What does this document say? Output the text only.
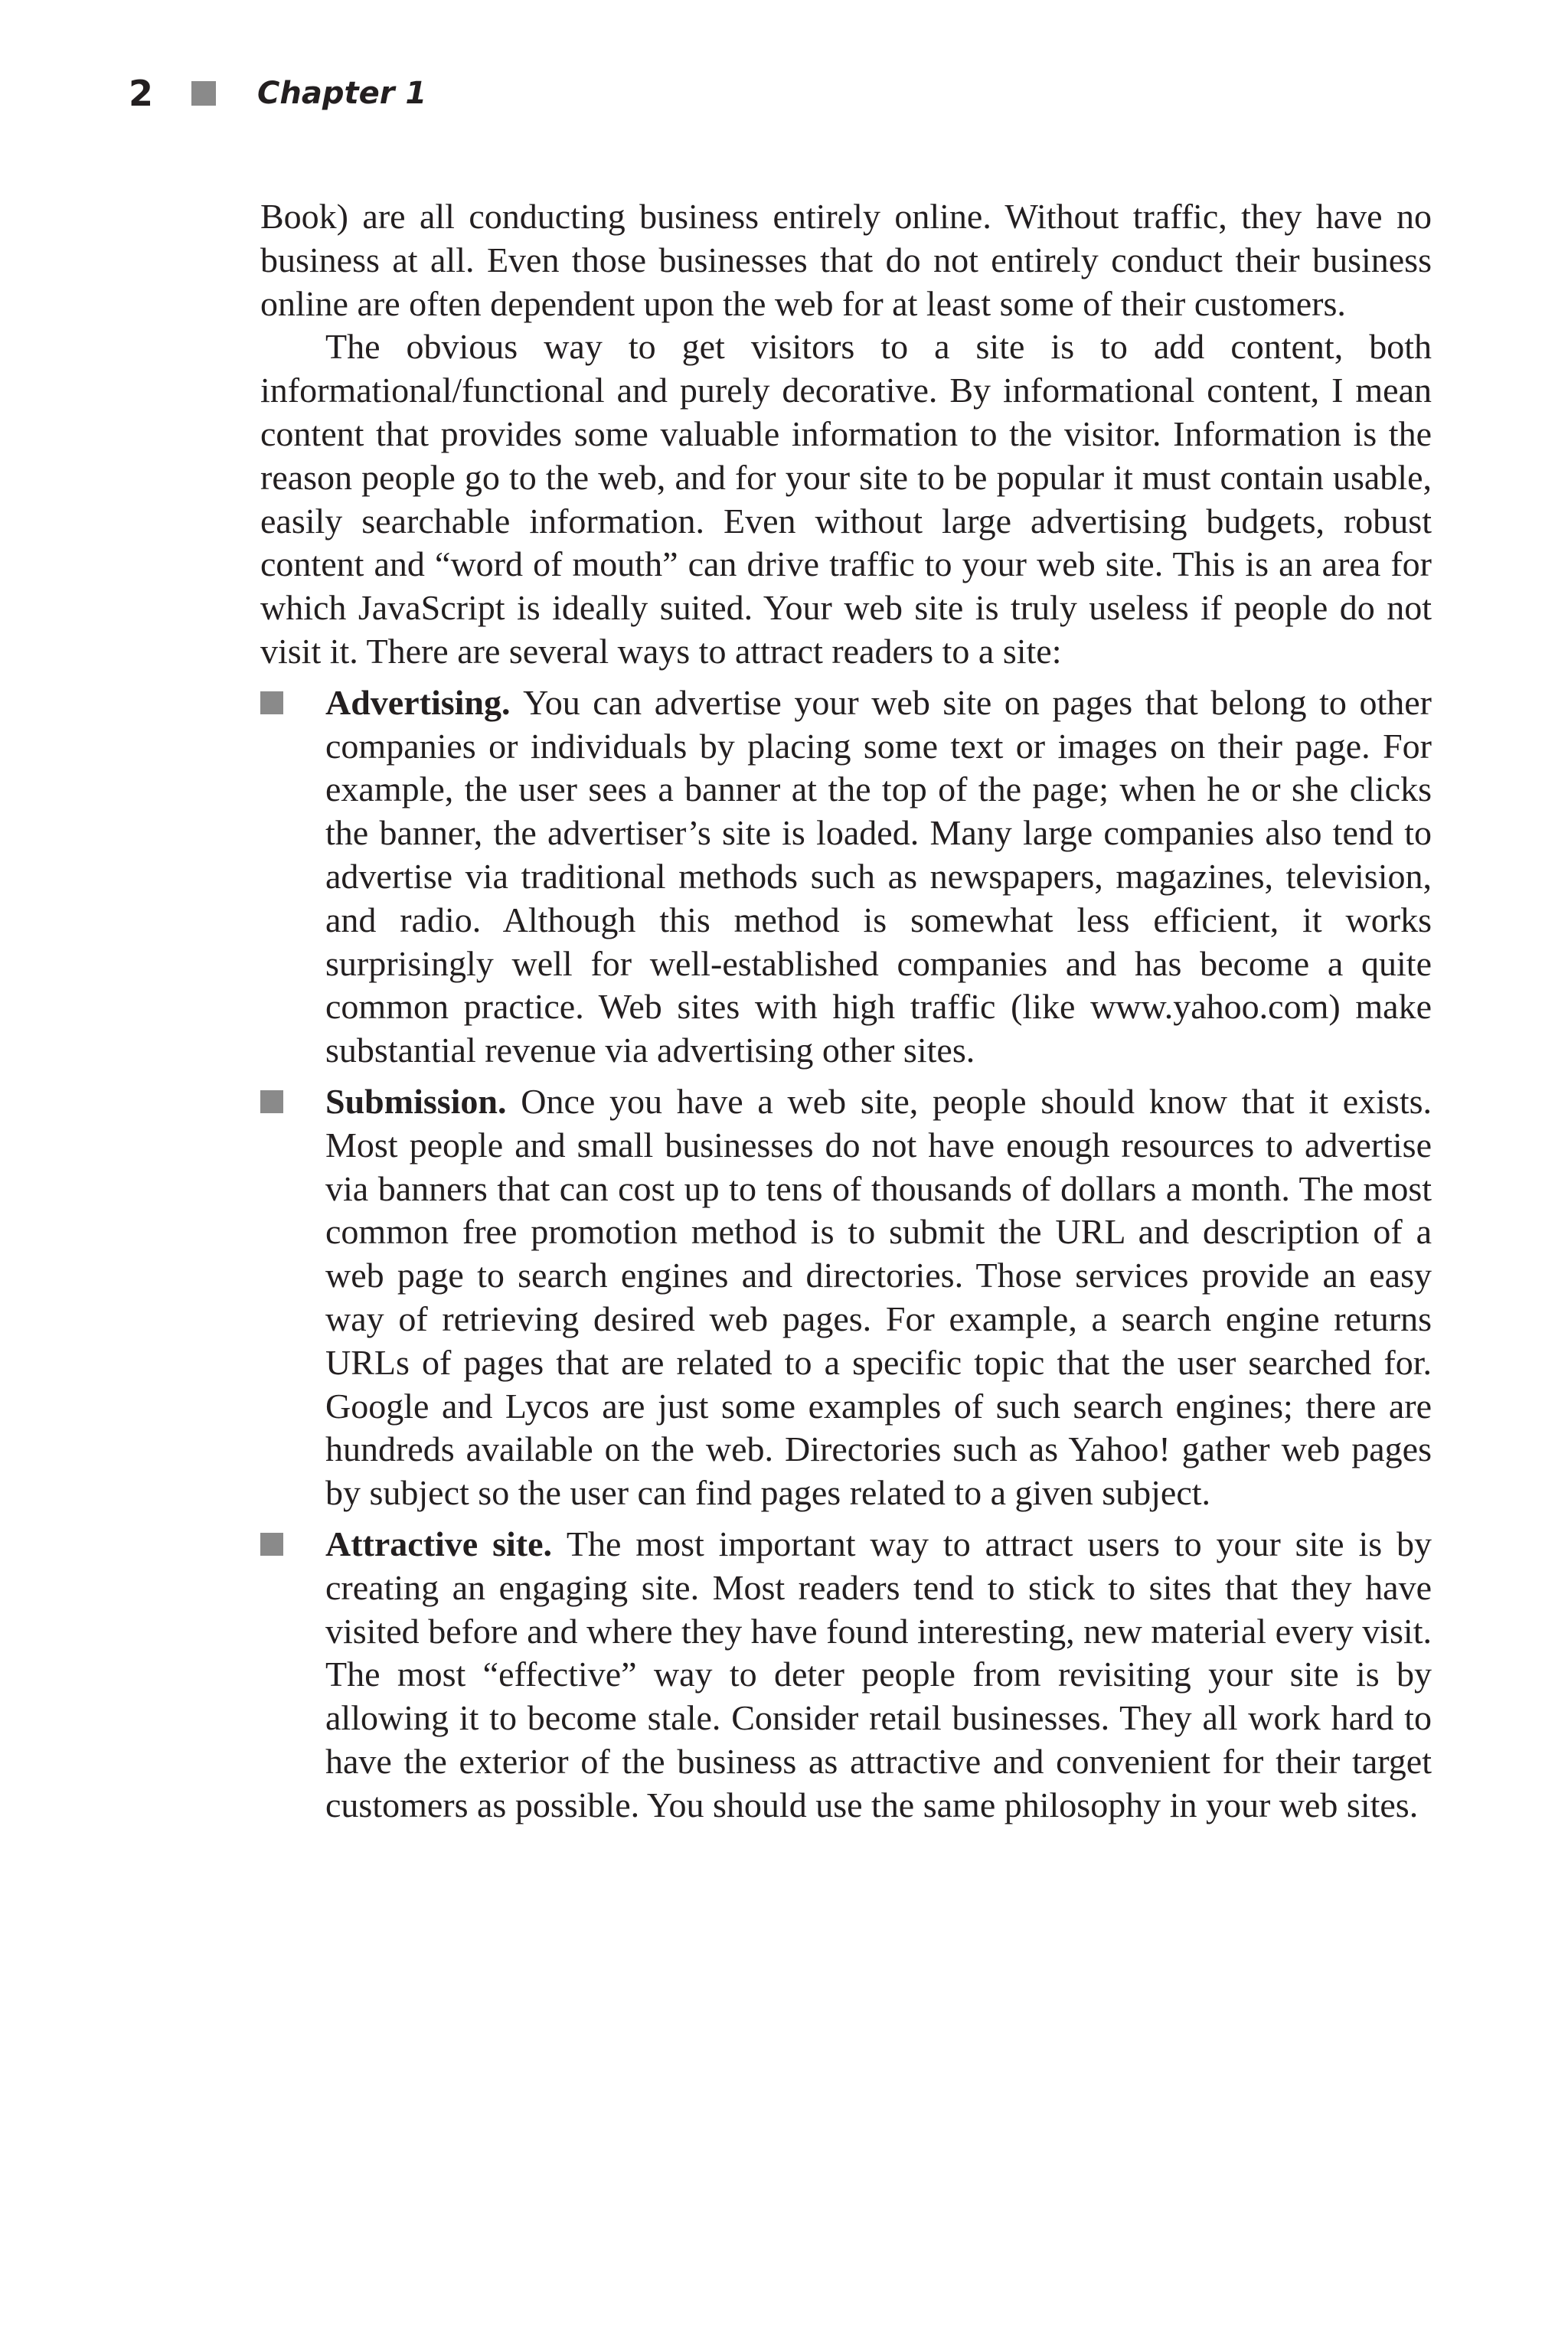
2	Chapter 1

Book) are all conducting business entirely online. Without traffic, they have no business at all. Even those businesses that do not entirely conduct their business online are often dependent upon the web for at least some of their customers.

The obvious way to get visitors to a site is to add content, both informational/functional and purely decorative. By informational content, I mean content that provides some valuable information to the visitor. Information is the reason people go to the web, and for your site to be popular it must contain usable, easily searchable information. Even without large advertising budgets, robust content and “word of mouth” can drive traffic to your web site. This is an area for which JavaScript is ideally suited. Your web site is truly useless if people do not visit it. There are several ways to attract readers to a site:

Advertising. You can advertise your web site on pages that belong to other companies or individuals by placing some text or images on their page. For example, the user sees a banner at the top of the page; when he or she clicks the banner, the advertiser’s site is loaded. Many large companies also tend to advertise via traditional methods such as newspapers, magazines, television, and radio. Although this method is somewhat less efficient, it works surprisingly well for well-established companies and has become a quite common practice. Web sites with high traffic (like www.yahoo.com) make substantial revenue via advertising other sites.
Submission. Once you have a web site, people should know that it exists. Most people and small businesses do not have enough resources to advertise via banners that can cost up to tens of thousands of dollars a month. The most common free promotion method is to submit the URL and description of a web page to search engines and directories. Those services provide an easy way of retrieving desired web pages. For example, a search engine returns URLs of pages that are related to a specific topic that the user searched for. Google and Lycos are just some examples of such search engines; there are hundreds available on the web. Directories such as Yahoo! gather web pages by subject so the user can find pages related to a given subject.
Attractive site. The most important way to attract users to your site is by creating an engaging site. Most readers tend to stick to sites that they have visited before and where they have found interesting, new material every visit. The most “effective” way to deter people from revisiting your site is by allowing it to become stale. Consider retail businesses. They all work hard to have the exterior of the business as attractive and convenient for their target customers as possible. You should use the same philosophy in your web sites.
